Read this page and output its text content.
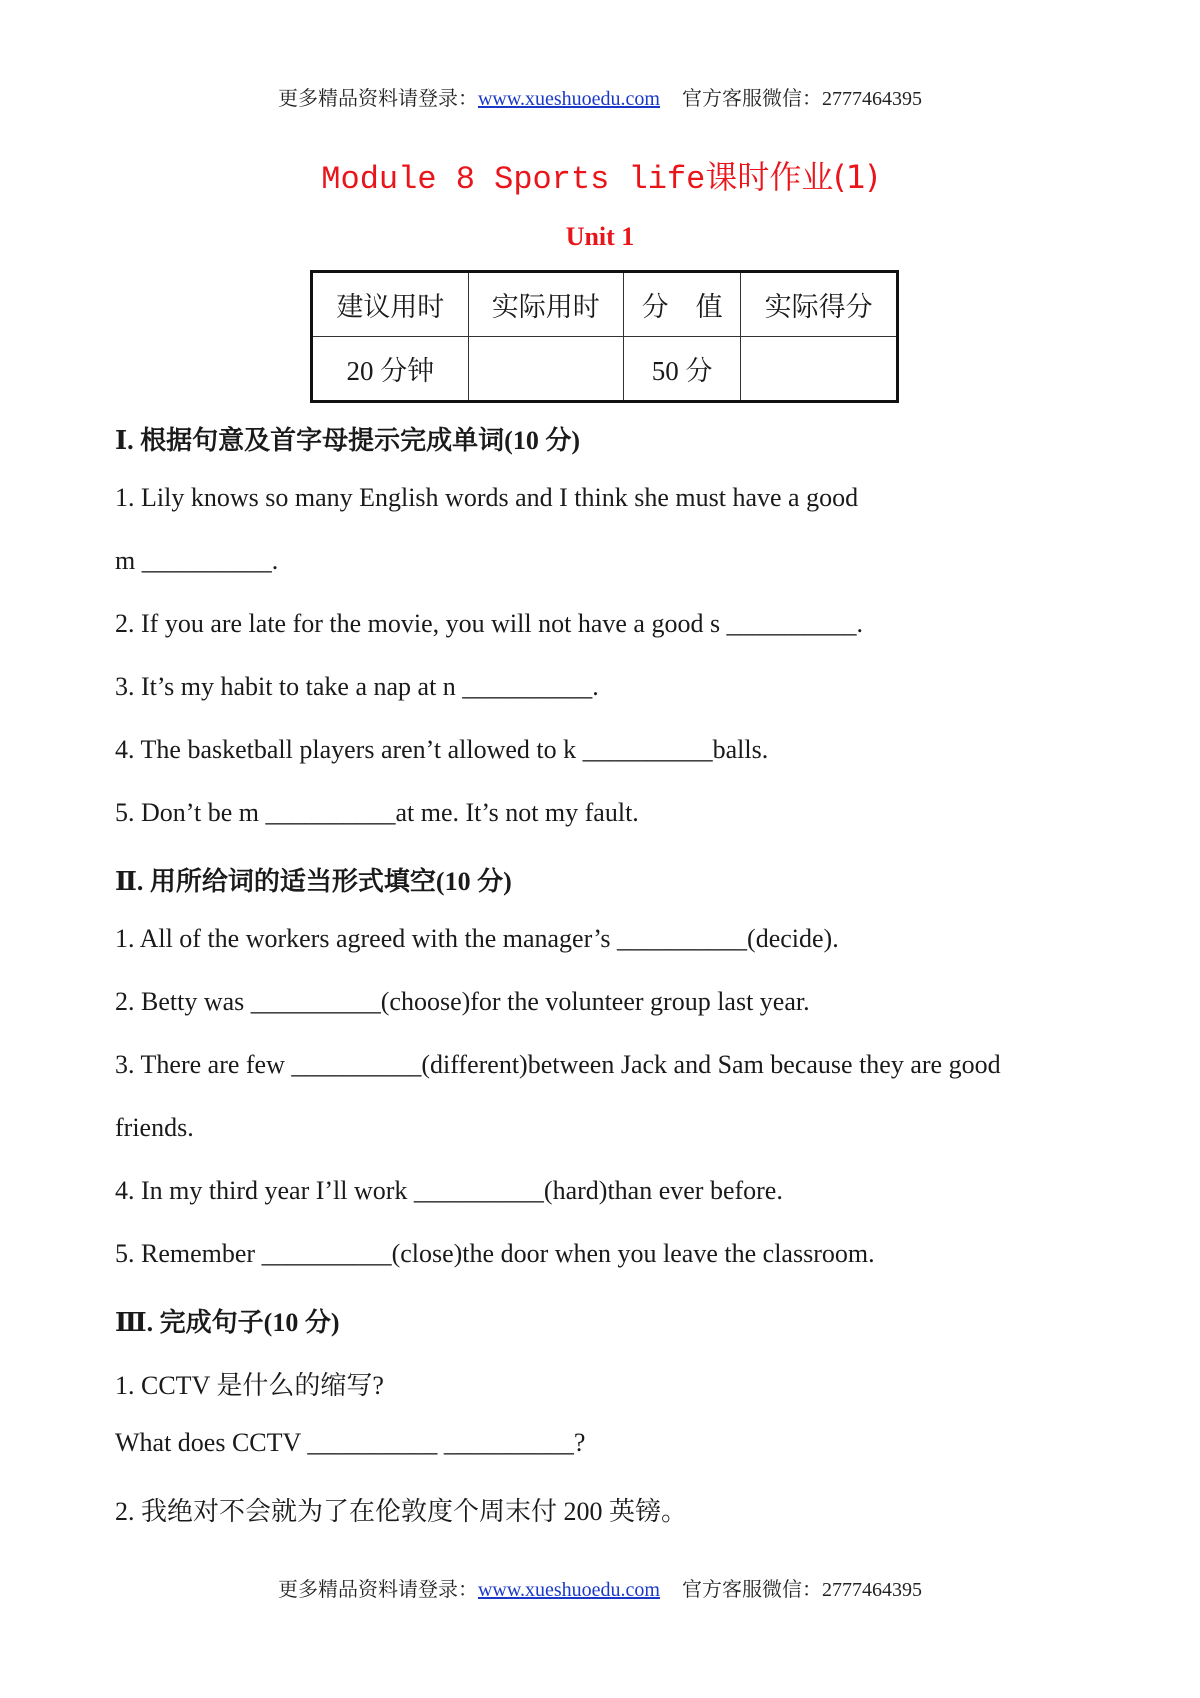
更多精品资料请登录：www.xueshuoedu.com 官方客服微信：2777464395
Module 8 Sports life课时作业(1)
Unit 1
建议用时	实际用时	分　值	实际得分
20 分钟		50 分	
Ⅰ. 根据句意及首字母提示完成单词(10 分)
1. Lily knows so many English words and I think she must have a good
m __________.
2. If you are late for the movie, you will not have a good s __________.
3. It’s my habit to take a nap at n __________.
4. The basketball players aren’t allowed to k __________balls.
5. Don’t be m __________at me. It’s not my fault.
Ⅱ. 用所给词的适当形式填空(10 分)
1. All of the workers agreed with the manager’s __________(decide).
2. Betty was __________(choose)for the volunteer group last year.
3. There are few __________(different)between Jack and Sam because they are good
friends.
4. In my third year I’ll work __________(hard)than ever before.
5. Remember __________(close)the door when you leave the classroom.
Ⅲ. 完成句子(10 分)
1. CCTV 是什么的缩写?
What does CCTV __________ __________?
2. 我绝对不会就为了在伦敦度个周末付 200 英镑。
更多精品资料请登录：www.xueshuoedu.com 官方客服微信：2777464395
